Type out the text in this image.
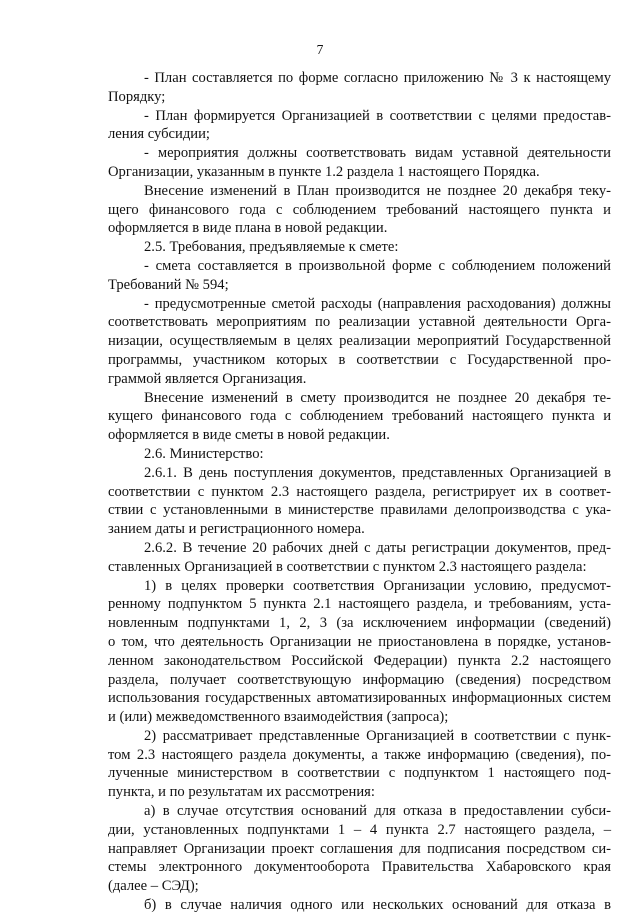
7
- План составляется по форме согласно приложению № 3 к настоящему
Порядку;
- План формируется Организацией в соответствии с целями предостав-
ления субсидии;
- мероприятия должны соответствовать видам уставной деятельности
Организации, указанным в пункте 1.2 раздела 1 настоящего Порядка.
Внесение изменений в План производится не позднее 20 декабря теку-
щего финансового года с соблюдением требований настоящего пункта и
оформляется в виде плана в новой редакции.
2.5. Требования, предъявляемые к смете:
- смета составляется в произвольной форме с соблюдением положений
Требований № 594;
- предусмотренные сметой расходы (направления расходования) должны
соответствовать мероприятиям по реализации уставной деятельности Орга-
низации, осуществляемым в целях реализации мероприятий Государственной
программы, участником которых в соответствии с Государственной про-
граммой является Организация.
Внесение изменений в смету производится не позднее 20 декабря те-
кущего финансового года с соблюдением требований настоящего пункта и
оформляется в виде сметы в новой редакции.
2.6. Министерство:
2.6.1. В день поступления документов, представленных Организацией в
соответствии с пунктом 2.3 настоящего раздела, регистрирует их в соответ-
ствии с установленными в министерстве правилами делопроизводства с ука-
занием даты и регистрационного номера.
2.6.2. В течение 20 рабочих дней с даты регистрации документов, пред-
ставленных Организацией в соответствии с пунктом 2.3 настоящего раздела:
1) в целях проверки соответствия Организации условию, предусмот-
ренному подпунктом 5 пункта 2.1 настоящего раздела, и требованиям, уста-
новленным подпунктами 1, 2, 3 (за исключением информации (сведений)
о том, что деятельность Организации не приостановлена в порядке, установ-
ленном законодательством Российской Федерации) пункта 2.2 настоящего
раздела, получает соответствующую информацию (сведения) посредством
использования государственных автоматизированных информационных систем
и (или) межведомственного взаимодействия (запроса);
2) рассматривает представленные Организацией в соответствии с пунк-
том 2.3 настоящего раздела документы, а также информацию (сведения), по-
лученные министерством в соответствии с подпунктом 1 настоящего под-
пункта, и по результатам их рассмотрения:
а) в случае отсутствия оснований для отказа в предоставлении субси-
дии, установленных подпунктами 1 – 4 пункта 2.7 настоящего раздела, –
направляет Организации проект соглашения для подписания посредством си-
стемы электронного документооборота Правительства Хабаровского края
(далее – СЭД);
б) в случае наличия одного или нескольких оснований для отказа в
